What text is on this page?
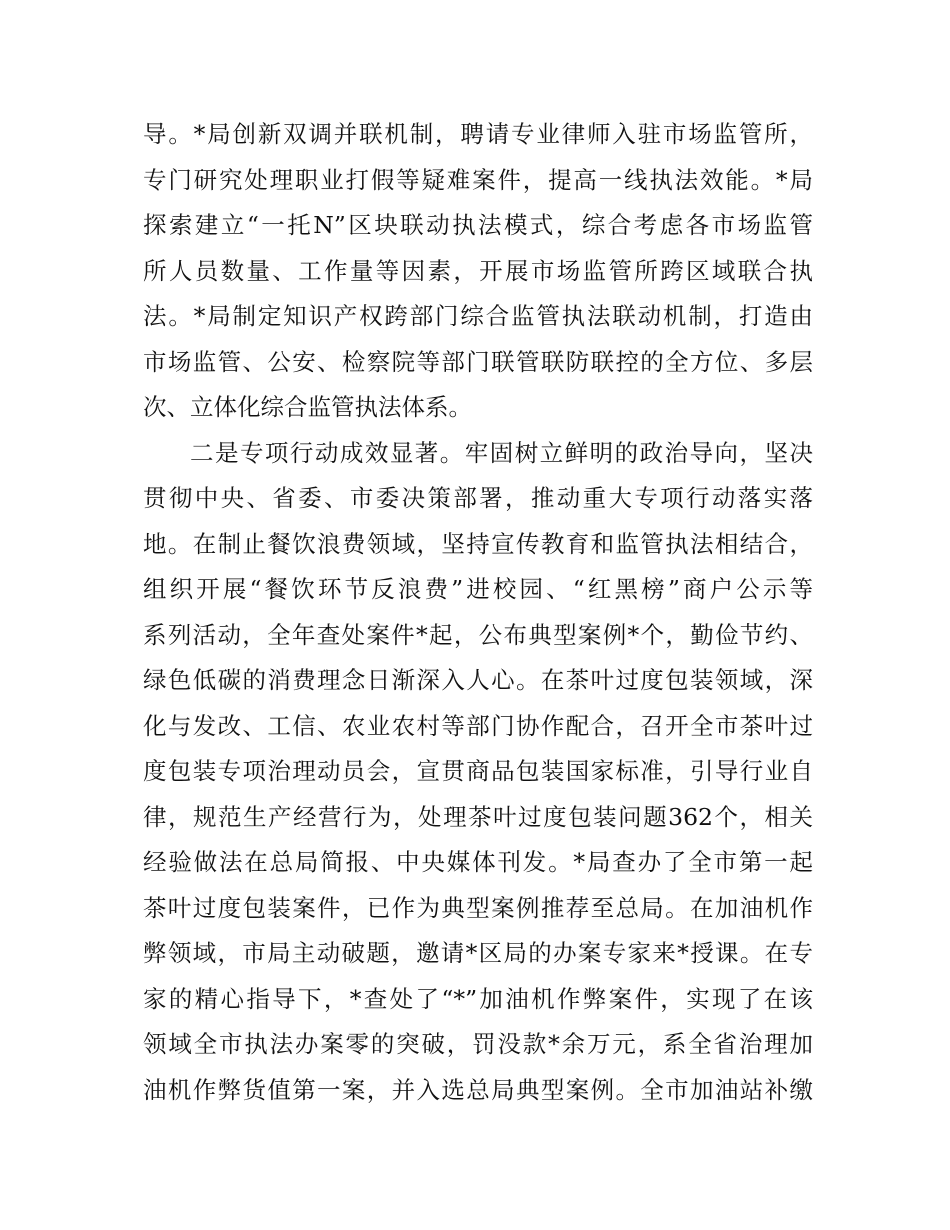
导。*局创新双调并联机制，聘请专业律师入驻市场监管所，
专门研究处理职业打假等疑难案件，提高一线执法效能。*局
探索建立“一托N”区块联动执法模式，综合考虑各市场监管
所人员数量、工作量等因素，开展市场监管所跨区域联合执
法。*局制定知识产权跨部门综合监管执法联动机制，打造由
市场监管、公安、检察院等部门联管联防联控的全方位、多层
次、立体化综合监管执法体系。
二是专项行动成效显著。牢固树立鲜明的政治导向，坚决
贯彻中央、省委、市委决策部署，推动重大专项行动落实落
地。在制止餐饮浪费领域，坚持宣传教育和监管执法相结合，
组织开展“餐饮环节反浪费”进校园、“红黑榜”商户公示等
系列活动，全年查处案件*起，公布典型案例*个，勤俭节约、
绿色低碳的消费理念日渐深入人心。在茶叶过度包装领域，深
化与发改、工信、农业农村等部门协作配合，召开全市茶叶过
度包装专项治理动员会，宣贯商品包装国家标准，引导行业自
律，规范生产经营行为，处理茶叶过度包装问题362个，相关
经验做法在总局简报、中央媒体刊发。*局查办了全市第一起
茶叶过度包装案件，已作为典型案例推荐至总局。在加油机作
弊领域，市局主动破题，邀请*区局的办案专家来*授课。在专
家的精心指导下，*查处了“*”加油机作弊案件，实现了在该
领域全市执法办案零的突破，罚没款*余万元，系全省治理加
油机作弊货值第一案，并入选总局典型案例。全市加油站补缴
